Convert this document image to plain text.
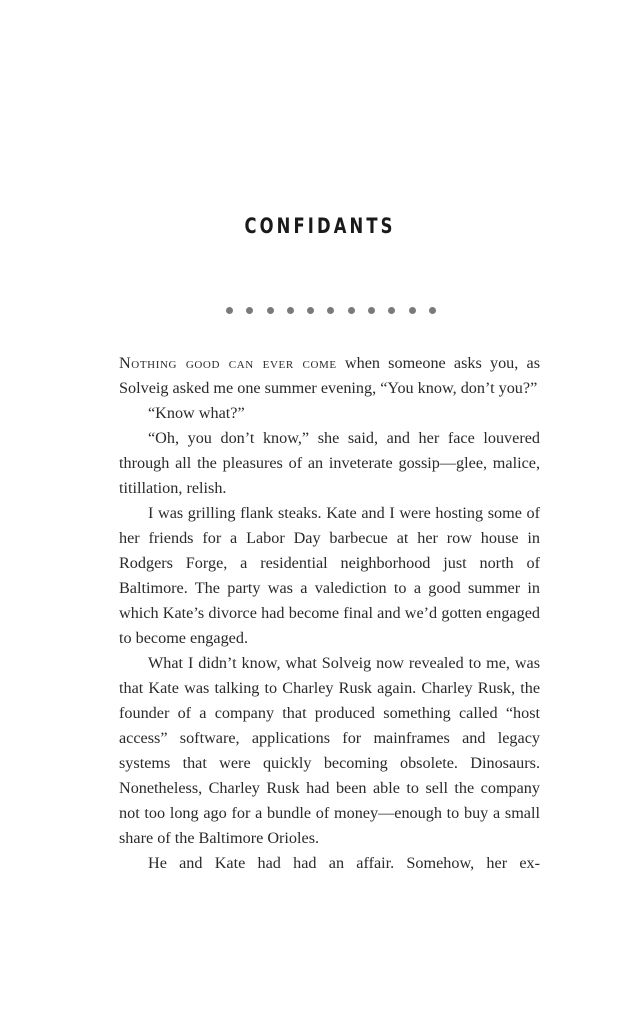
CONFIDANTS

Nothing good can ever come when someone asks you, as Solveig asked me one summer evening, “You know, don’t you?”

“Know what?”

“Oh, you don’t know,” she said, and her face louvered through all the pleasures of an inveterate gossip—glee, malice, titillation, relish.

I was grilling flank steaks. Kate and I were hosting some of her friends for a Labor Day barbecue at her row house in Rodgers Forge, a residential neighborhood just north of Baltimore. The party was a valediction to a good summer in which Kate’s divorce had become final and we’d gotten engaged to become engaged.

What I didn’t know, what Solveig now revealed to me, was that Kate was talking to Charley Rusk again. Charley Rusk, the founder of a company that produced something called “host access” software, applications for mainframes and legacy systems that were quickly becoming obsolete. Dinosaurs. Nonetheless, Charley Rusk had been able to sell the company not too long ago for a bundle of money—enough to buy a small share of the Baltimore Orioles.

He and Kate had had an affair. Somehow, her ex-
